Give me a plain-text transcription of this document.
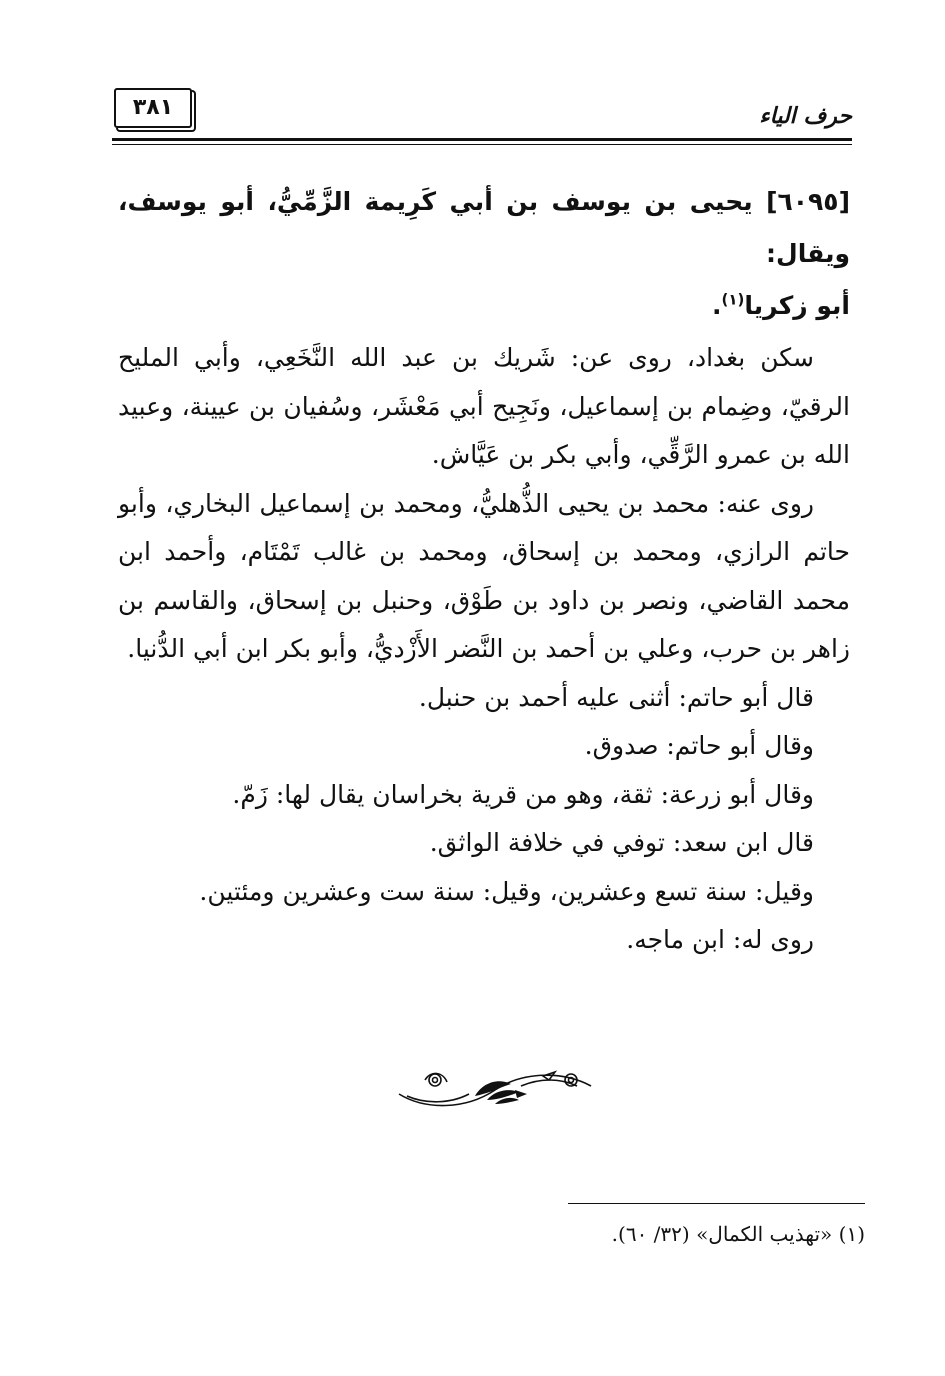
٣٨١	حرف الياء
[٦٠٩٥] يحيى بن يوسف بن أبي كَرِيمة الزَّمِّيُّ، أبو يوسف، ويقال:
أبو زكريا$^{(١)}$.

سكن بغداد، روى عن: شَريك بن عبد الله النَّخَعِي، وأبي المليح الرقيّ، وضِمام بن إسماعيل، ونَجِيح أبي مَعْشَر، وسُفيان بن عيينة، وعبيد الله بن عمرو الرَّقِّي، وأبي بكر بن عَيَّاش.

روى عنه: محمد بن يحيى الذُّهليُّ، ومحمد بن إسماعيل البخاري، وأبو حاتم الرازي، ومحمد بن إسحاق، ومحمد بن غالب تَمْتَام، وأحمد ابن محمد القاضي، ونصر بن داود بن طَوْق، وحنبل بن إسحاق، والقاسم بن زاهر بن حرب، وعلي بن أحمد بن النَّضر الأَزْديُّ، وأبو بكر ابن أبي الدُّنيا.

قال أبو حاتم: أثنى عليه أحمد بن حنبل.

وقال أبو حاتم: صدوق.

وقال أبو زرعة: ثقة، وهو من قرية بخراسان يقال لها: زَمّ.

قال ابن سعد: توفي في خلافة الواثق.

وقيل: سنة تسع وعشرين، وقيل: سنة ست وعشرين ومئتين.

روى له: ابن ماجه.

(١) «تهذيب الكمال» (٣٢/ ٦٠).
